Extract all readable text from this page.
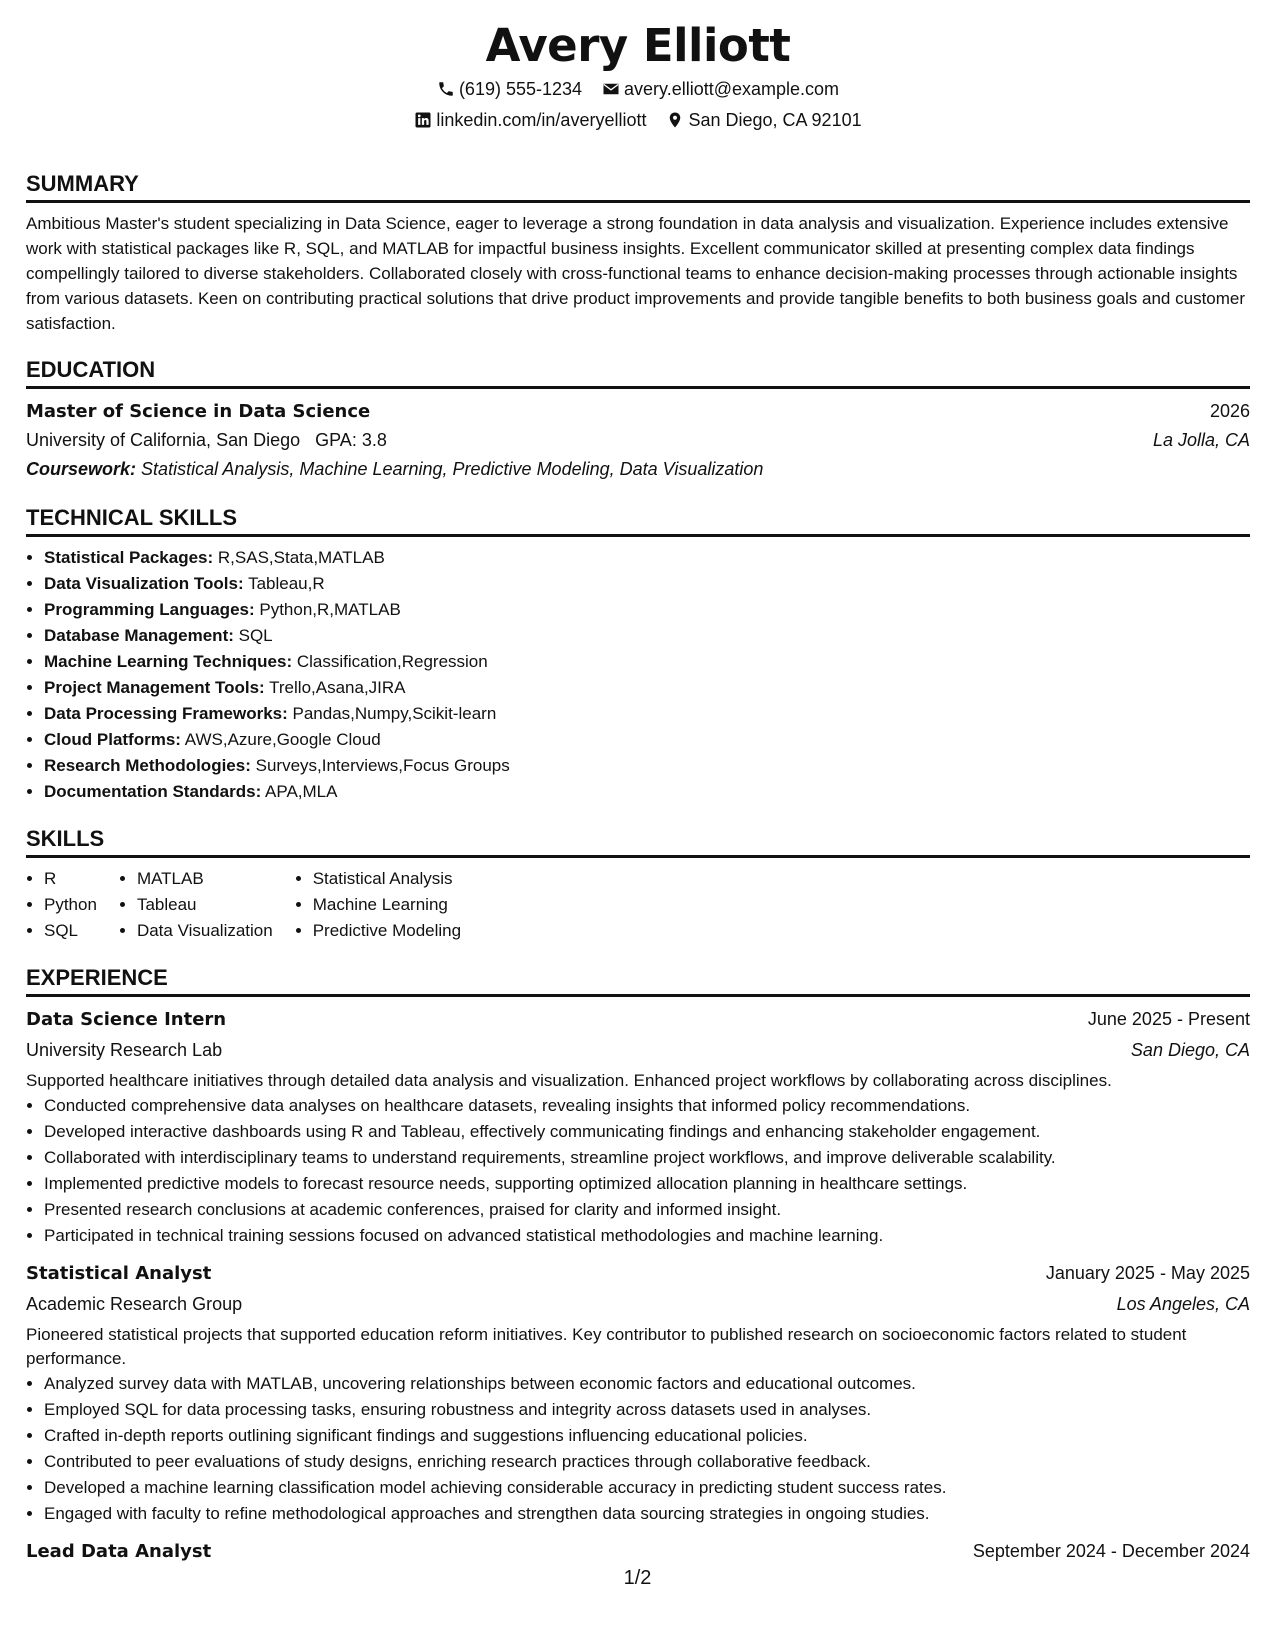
Avery Elliott
(619) 555-1234 avery.elliott@example.com
linkedin.com/in/averyelliott San Diego, CA 92101
SUMMARY

Ambitious Master's student specializing in Data Science, eager to leverage a strong foundation in data analysis and visualization. Experience includes extensive work with statistical packages like R, SQL, and MATLAB for impactful business insights. Excellent communicator skilled at presenting complex data findings compellingly tailored to diverse stakeholders. Collaborated closely with cross-functional teams to enhance decision-making processes through actionable insights from various datasets. Keen on contributing practical solutions that drive product improvements and provide tangible benefits to both business goals and customer satisfaction.

EDUCATION
Master of Science in Data Science	2026
University of California, San Diego GPA: 3.8	La Jolla, CA
Coursework: Statistical Analysis, Machine Learning, Predictive Modeling, Data Visualization
TECHNICAL SKILLS
• Statistical Packages: R,SAS,Stata,MATLAB
• Data Visualization Tools: Tableau,R
• Programming Languages: Python,R,MATLAB
• Database Management: SQL
• Machine Learning Techniques: Classification,Regression
• Project Management Tools: Trello,Asana,JIRA
• Data Processing Frameworks: Pandas,Numpy,Scikit-learn
• Cloud Platforms: AWS,Azure,Google Cloud
• Research Methodologies: Surveys,Interviews,Focus Groups
• Documentation Standards: APA,MLA
SKILLS
• R
• Python
• SQL
• MATLAB
• Tableau
• Data Visualization
• Statistical Analysis
• Machine Learning
• Predictive Modeling
EXPERIENCE
Data Science Intern	June 2025 - Present
University Research Lab	San Diego, CA

Supported healthcare initiatives through detailed data analysis and visualization. Enhanced project workflows by collaborating across disciplines.

• Conducted comprehensive data analyses on healthcare datasets, revealing insights that informed policy recommendations.
• Developed interactive dashboards using R and Tableau, effectively communicating findings and enhancing stakeholder engagement.
• Collaborated with interdisciplinary teams to understand requirements, streamline project workflows, and improve deliverable scalability.
• Implemented predictive models to forecast resource needs, supporting optimized allocation planning in healthcare settings.
• Presented research conclusions at academic conferences, praised for clarity and informed insight.
• Participated in technical training sessions focused on advanced statistical methodologies and machine learning.
Statistical Analyst	January 2025 - May 2025
Academic Research Group	Los Angeles, CA

Pioneered statistical projects that supported education reform initiatives. Key contributor to published research on socioeconomic factors related to student performance.

• Analyzed survey data with MATLAB, uncovering relationships between economic factors and educational outcomes.
• Employed SQL for data processing tasks, ensuring robustness and integrity across datasets used in analyses.
• Crafted in-depth reports outlining significant findings and suggestions influencing educational policies.
• Contributed to peer evaluations of study designs, enriching research practices through collaborative feedback.
• Developed a machine learning classification model achieving considerable accuracy in predicting student success rates.
• Engaged with faculty to refine methodological approaches and strengthen data sourcing strategies in ongoing studies.
Lead Data Analyst	September 2024 - December 2024
1/2
